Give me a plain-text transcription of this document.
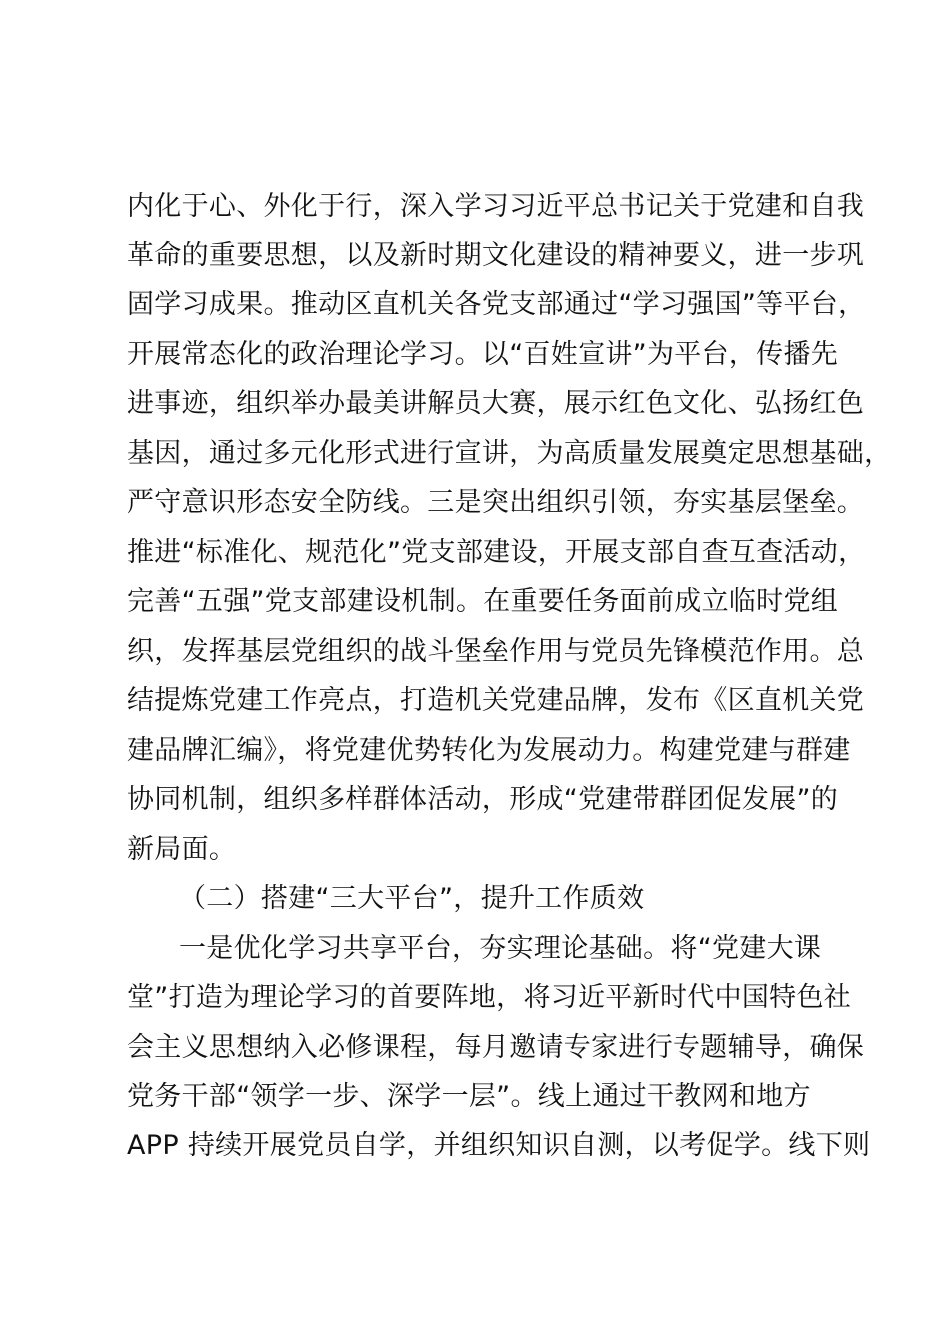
内化于心、外化于行，深入学习习近平总书记关于党建和自我
革命的重要思想，以及新时期文化建设的精神要义，进一步巩
固学习成果。推动区直机关各党支部通过“学习强国”等平台，
开展常态化的政治理论学习。以“百姓宣讲”为平台，传播先
进事迹，组织举办最美讲解员大赛，展示红色文化、弘扬红色
基因，通过多元化形式进行宣讲，为高质量发展奠定思想基础，
严守意识形态安全防线。三是突出组织引领，夯实基层堡垒。
推进“标准化、规范化”党支部建设，开展支部自查互查活动，
完善“五强”党支部建设机制。在重要任务面前成立临时党组
织，发挥基层党组织的战斗堡垒作用与党员先锋模范作用。总
结提炼党建工作亮点，打造机关党建品牌，发布《区直机关党
建品牌汇编》，将党建优势转化为发展动力。构建党建与群建
协同机制，组织多样群体活动，形成“党建带群团促发展”的
新局面。
（二）搭建“三大平台”，提升工作质效
一是优化学习共享平台，夯实理论基础。将“党建大课
堂”打造为理论学习的首要阵地，将习近平新时代中国特色社
会主义思想纳入必修课程，每月邀请专家进行专题辅导，确保
党务干部“领学一步、深学一层”。线上通过干教网和地方
APP 持续开展党员自学，并组织知识自测，以考促学。线下则
